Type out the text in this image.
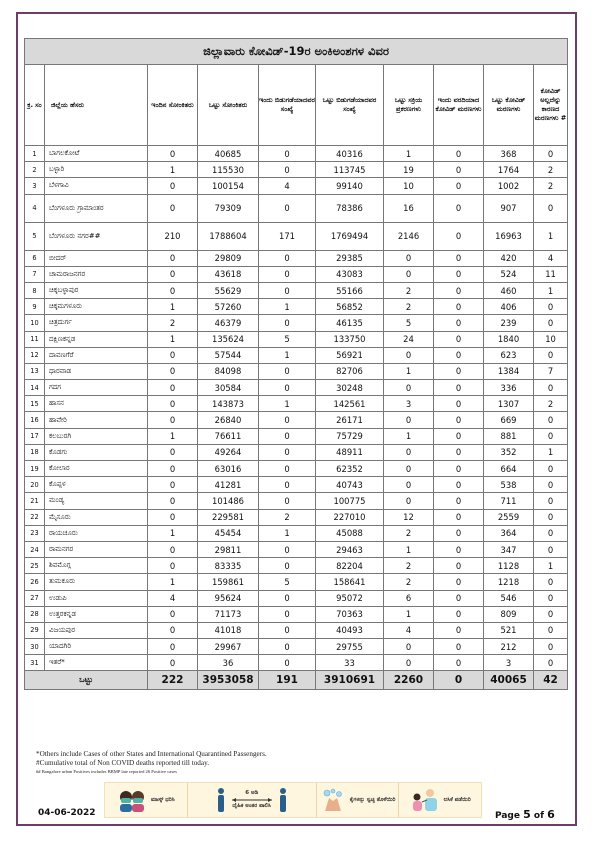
ಜಿಲ್ಲಾವಾರು ಕೋವಿಡ್-19ರ ಅಂಕಿಅಂಶಗಳ ವಿವರ									
ಕ್ರ. ಸಂ	ಜಿಲ್ಲೆಯ ಹೆಸರು	ಇಂದಿನ ಸೋಂಕಿತರು	ಒಟ್ಟು ಸೋಂಕಿತರು	ಇಂದು ಬಿಡುಗಡೆಯಾದವರ ಸಂಖ್ಯೆ	ಒಟ್ಟು ಬಿಡುಗಡೆಯಾದವರ ಸಂಖ್ಯೆ	ಒಟ್ಟು ಸಕ್ರಿಯ ಪ್ರಕರಣಗಳು	ಇಂದು ವರದಿಯಾದ ಕೋವಿಡ್ ಮರಣಗಳು	ಒಟ್ಟು ಕೋವಿಡ್ ಮರಣಗಳು	ಕೋವಿಡ್ ಅಲ್ಲದೆನ್ನು ಕಾರಣದ ಮರಣಗಳು #
1	ಬಾಗಲಕೋಟೆ	0	40685	0	40316	1	0	368	0
2	ಬಳ್ಳಾರಿ	1	115530	0	113745	19	0	1764	2
3	ಬೆಳಗಾವಿ	0	100154	4	99140	10	0	1002	2
4	ಬೆಂಗಳೂರು ಗ್ರಾಮಾಂತರ	0	79309	0	78386	16	0	907	0
5	ಬೆಂಗಳೂರು ನಗರ##	210	1788604	171	1769494	2146	0	16963	1
6	ಬೀದರ್	0	29809	0	29385	0	0	420	4
7	ಚಾಮರಾಜನಗರ	0	43618	0	43083	0	0	524	11
8	ಚಿಕ್ಕಬಳ್ಳಾಪುರ	0	55629	0	55166	2	0	460	1
9	ಚಿಕ್ಕಮಗಳೂರು	1	57260	1	56852	2	0	406	0
10	ಚಿತ್ರದುರ್ಗ	2	46379	0	46135	5	0	239	0
11	ದಕ್ಷಿಣಕನ್ನಡ	1	135624	5	133750	24	0	1840	10
12	ದಾವಣಗೆರೆ	0	57544	1	56921	0	0	623	0
13	ಧಾರವಾಡ	0	84098	0	82706	1	0	1384	7
14	ಗದಗ	0	30584	0	30248	0	0	336	0
15	ಹಾಸನ	0	143873	1	142561	3	0	1307	2
16	ಹಾವೇರಿ	0	26840	0	26171	0	0	669	0
17	ಕಲಬುರಗಿ	1	76611	0	75729	1	0	881	0
18	ಕೊಡಗು	0	49264	0	48911	0	0	352	1
19	ಕೋಲಾರ	0	63016	0	62352	0	0	664	0
20	ಕೊಪ್ಪಳ	0	41281	0	40743	0	0	538	0
21	ಮಂಡ್ಯ	0	101486	0	100775	0	0	711	0
22	ಮೈಸೂರು	0	229581	2	227010	12	0	2559	0
23	ರಾಯಚೂರು	1	45454	1	45088	2	0	364	0
24	ರಾಮನಗರ	0	29811	0	29463	1	0	347	0
25	ಶಿವಮೊಗ್ಗ	0	83335	0	82204	2	0	1128	1
26	ತುಮಕೂರು	1	159861	5	158641	2	0	1218	0
27	ಉಡುಪಿ	4	95624	0	95072	6	0	546	0
28	ಉತ್ತರಕನ್ನಡ	0	71173	0	70363	1	0	809	0
29	ವಿಜಯಪುರ	0	41018	0	40493	4	0	521	0
30	ಯಾದಗಿರಿ	0	29967	0	29755	0	0	212	0
31	ಇತರೆ*	0	36	0	33	0	0	3	0
ಒಟ್ಟು		222	3953058	191	3910691	2260	0	40065	42
*Others include Cases of other States and International Quarantined Passengers.
#Cumulative total of Non COVID deaths reported till today.
## Bangalore urban Positives includes BBMP late reported 26 Positive cases
ಮಾಸ್ಕ್ ಧರಿಸಿ
6 ಅಡಿ
ದೈಹಿಕ ಅಂತರ ಪಾಲಿಸಿ
ಕೈಗಳನ್ನು ಸ್ವಚ್ಛ ತೊಳೆಯಿರಿ	ಲಸಿಕೆ ಪಡೆಯಿರಿ
04-06-2022	Page 5 of 6
